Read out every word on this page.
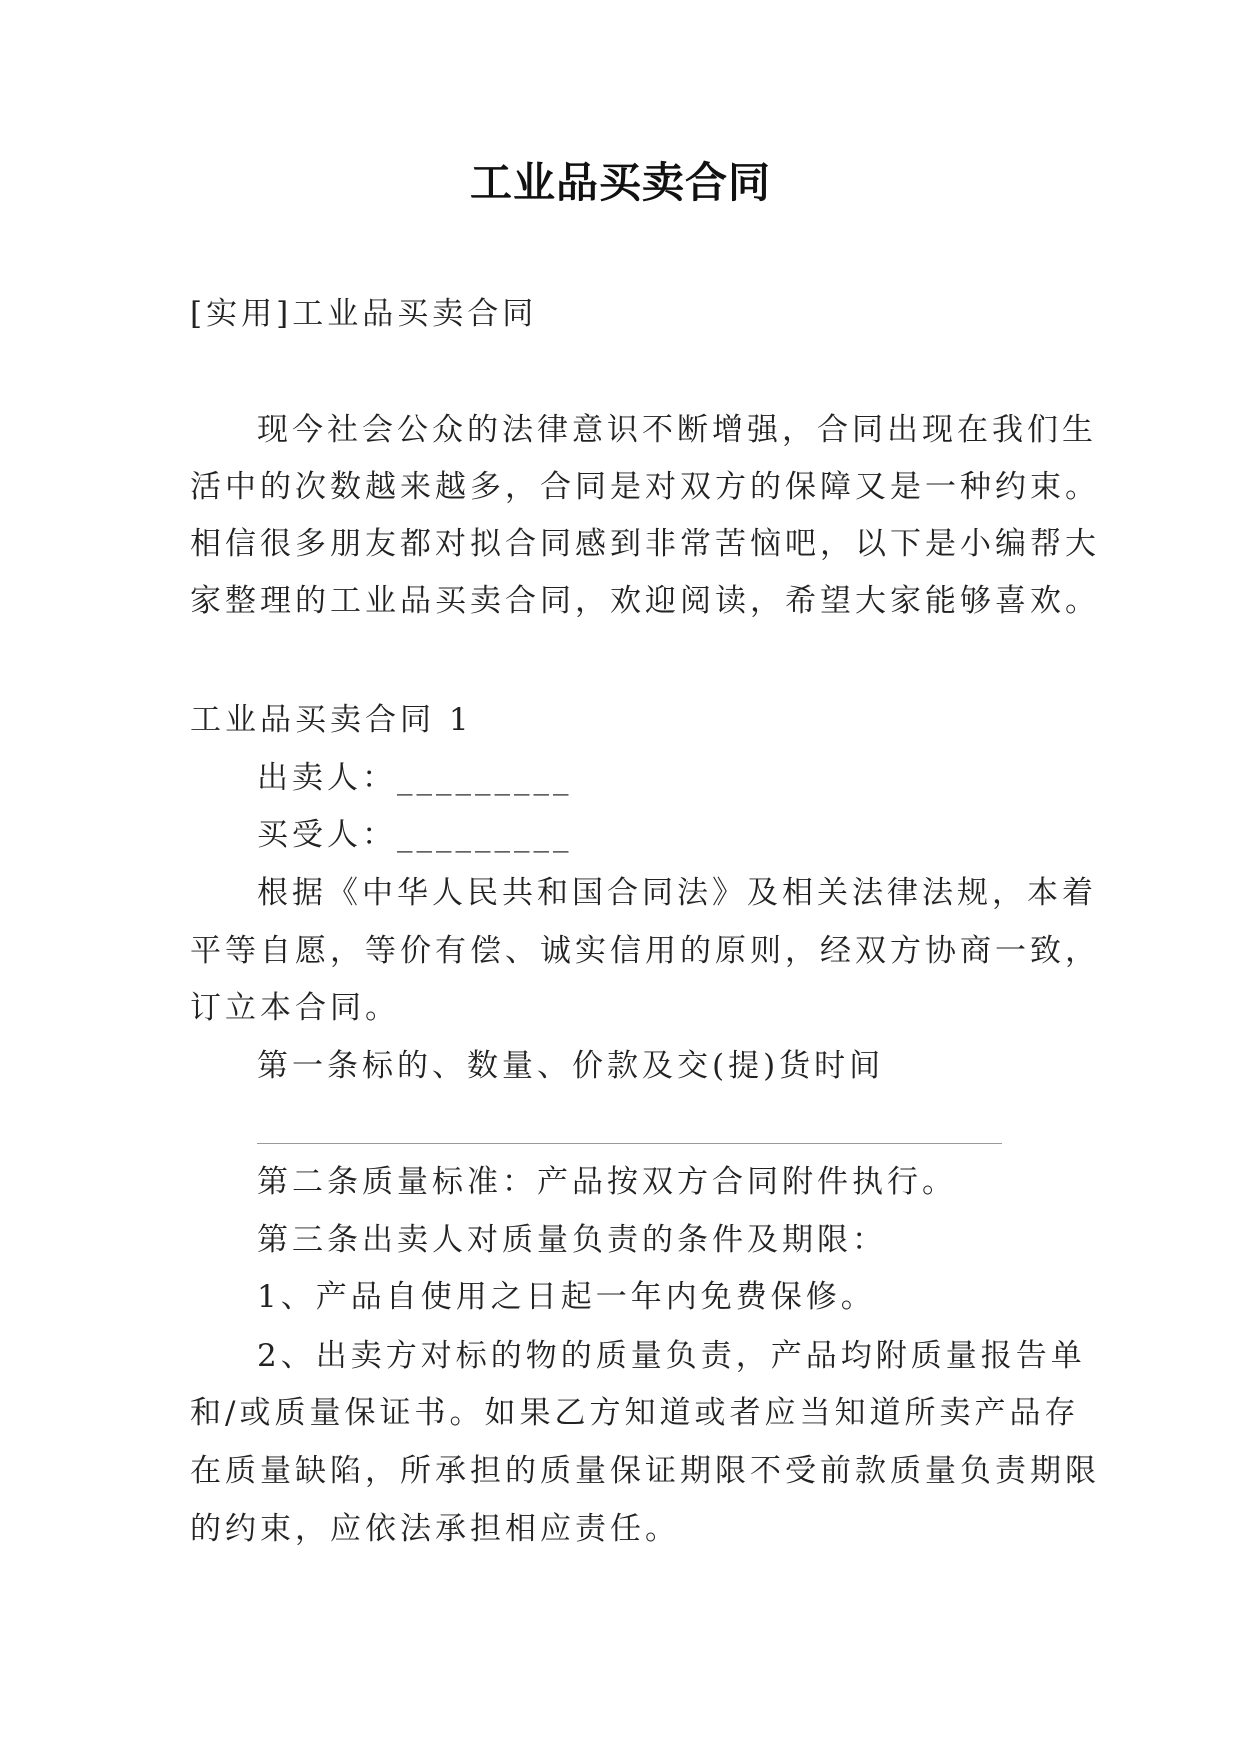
工业品买卖合同
[实用]工业品买卖合同
现今社会公众的法律意识不断增强，合同出现在我们生
活中的次数越来越多，合同是对双方的保障又是一种约束。
相信很多朋友都对拟合同感到非常苦恼吧，以下是小编帮大
家整理的工业品买卖合同，欢迎阅读，希望大家能够喜欢。
工业品买卖合同 1
出卖人：_________
买受人：_________
根据《中华人民共和国合同法》及相关法律法规，本着
平等自愿，等价有偿、诚实信用的原则，经双方协商一致，
订立本合同。
第一条标的、数量、价款及交(提)货时间
第二条质量标准：产品按双方合同附件执行。
第三条出卖人对质量负责的条件及期限：
1、产品自使用之日起一年内免费保修。
2、出卖方对标的物的质量负责，产品均附质量报告单
和/或质量保证书。如果乙方知道或者应当知道所卖产品存
在质量缺陷，所承担的质量保证期限不受前款质量负责期限
的约束，应依法承担相应责任。
